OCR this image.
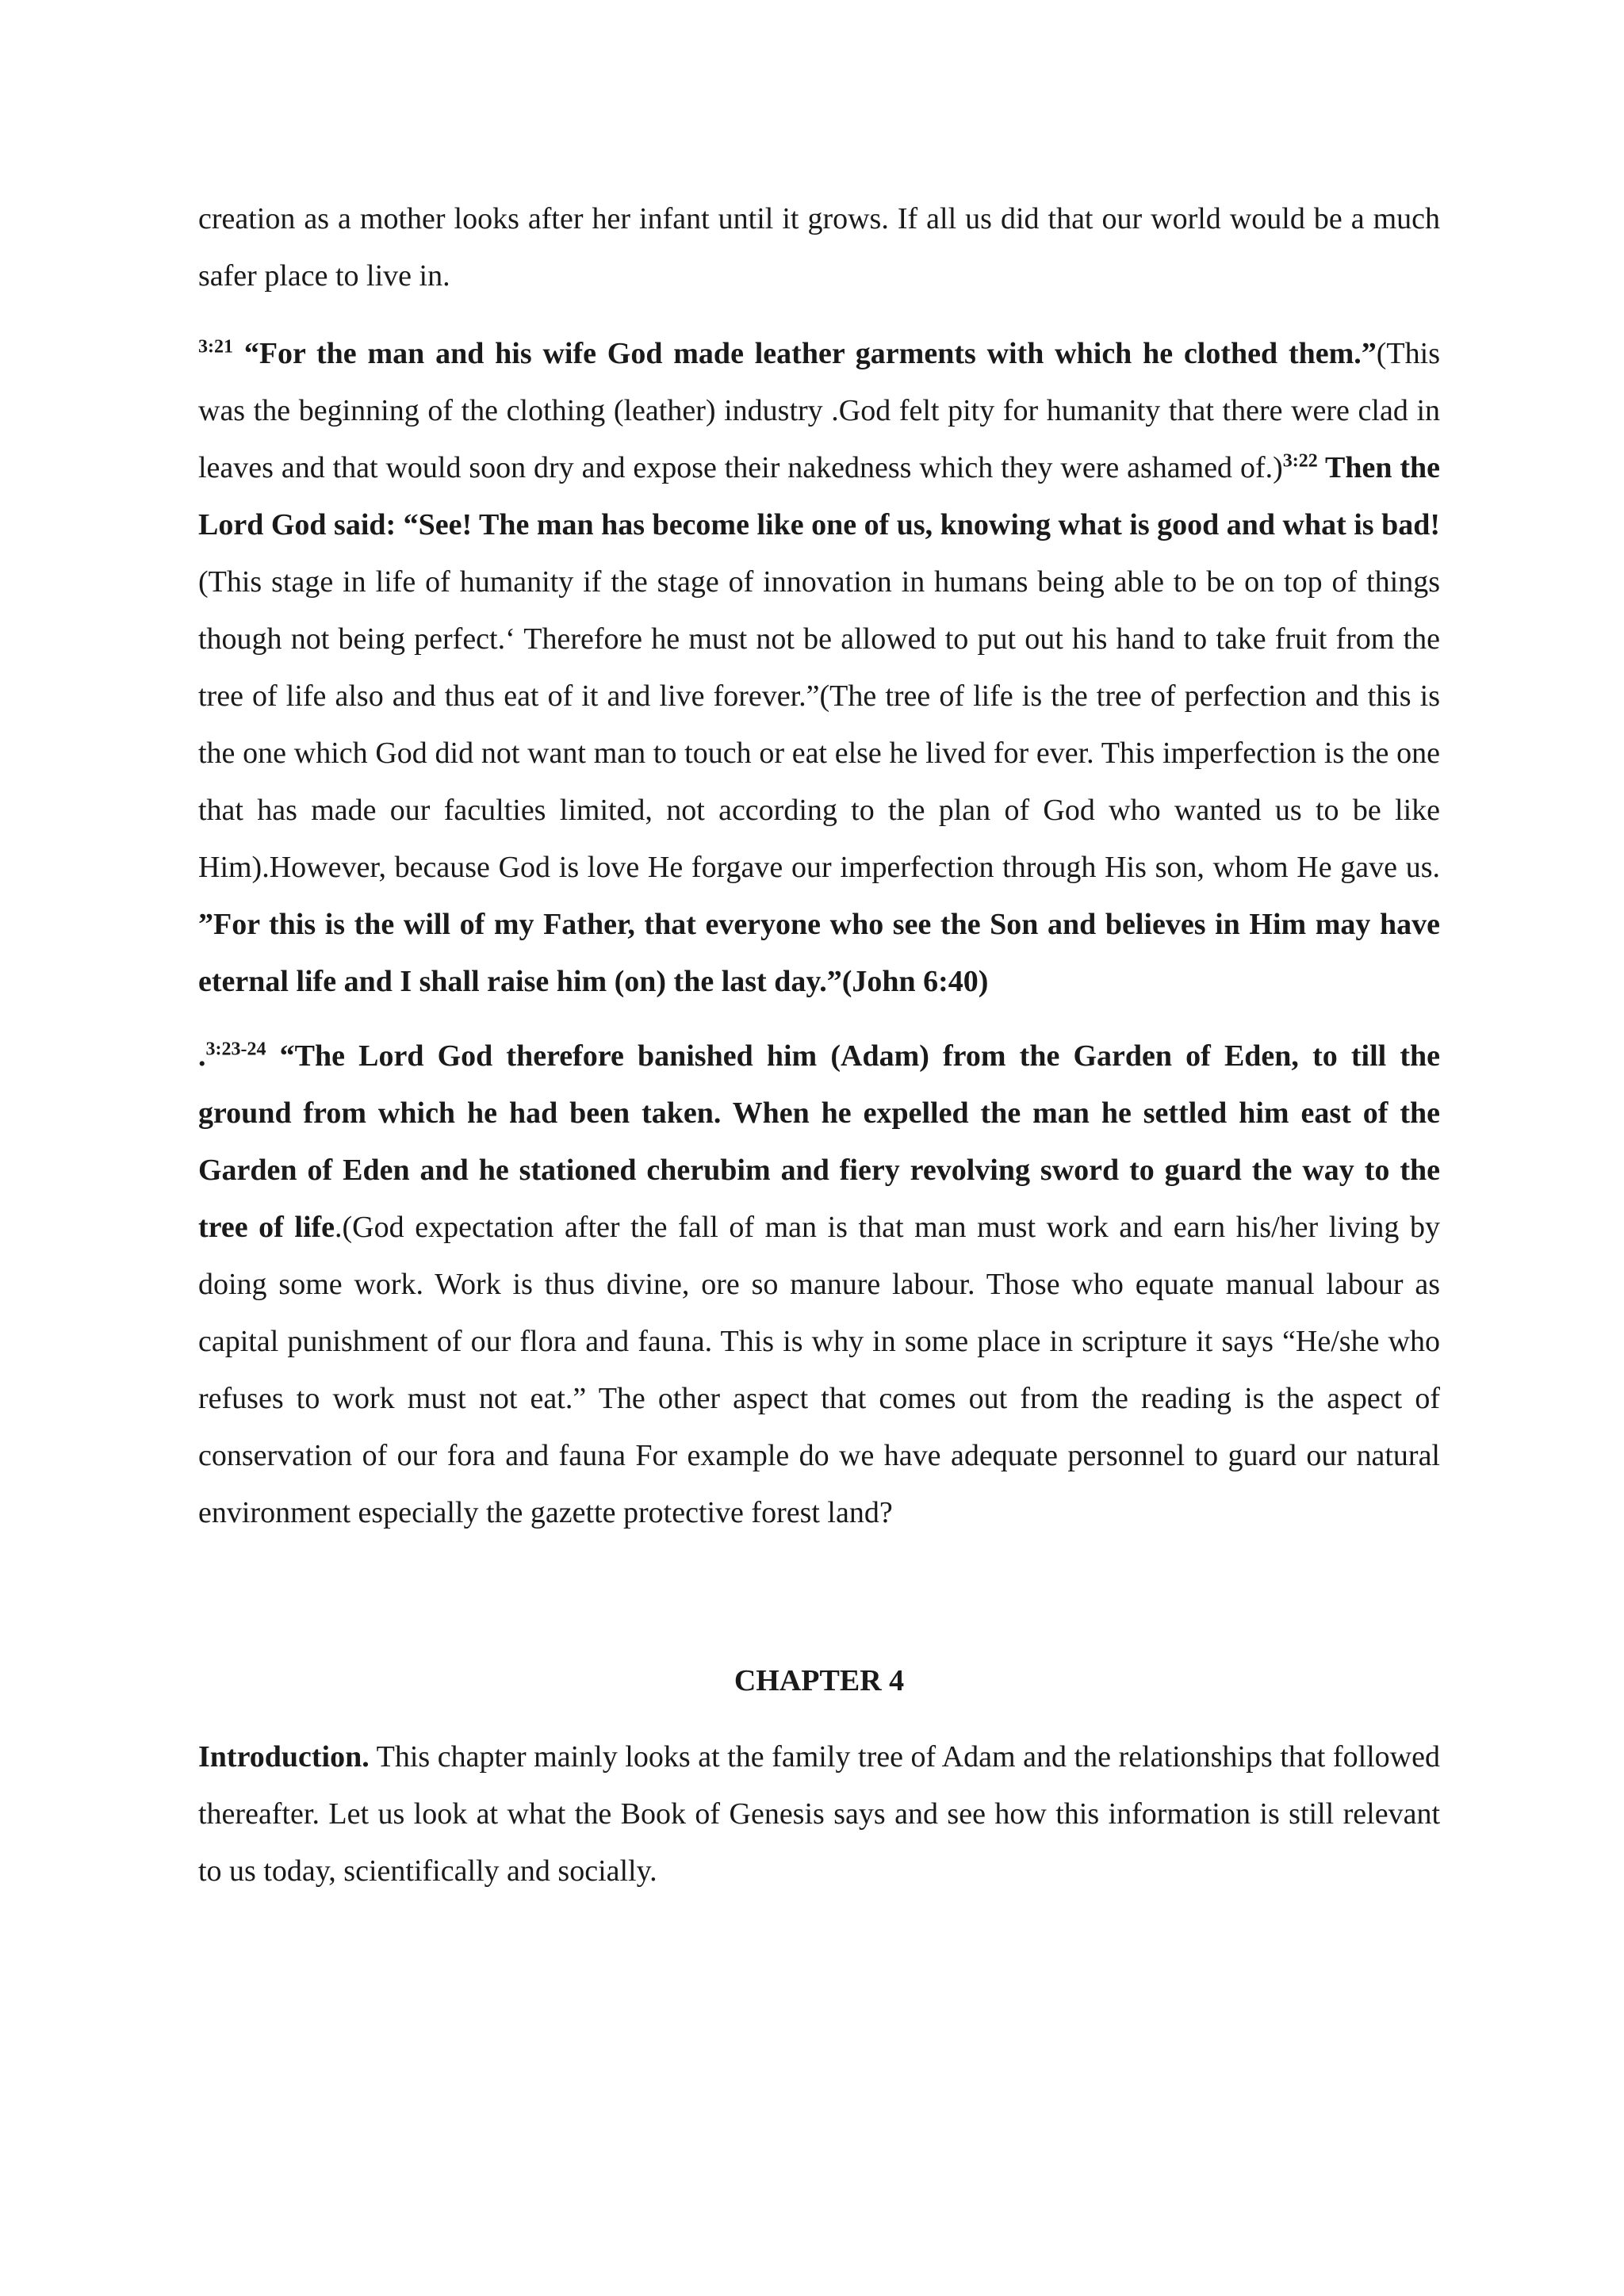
creation as a mother looks after her infant until it grows. If all us did that our world would be a much safer place to live in.

$^{3:21}$ “For the man and his wife God made leather garments with which he clothed them.”(This was the beginning of the clothing (leather) industry .God felt pity for humanity that there were clad in leaves and that would soon dry and expose their nakedness which they were ashamed of.)$^{3:22}$ Then the Lord God said: “See! The man has become like one of us, knowing what is good and what is bad! (This stage in life of humanity if the stage of innovation in humans being able to be on top of things though not being perfect.‘ Therefore he must not be allowed to put out his hand to take fruit from the tree of life also and thus eat of it and live forever.”(The tree of life is the tree of perfection and this is the one which God did not want man to touch or eat else he lived for ever. This imperfection is the one that has made our faculties limited, not according to the plan of God who wanted us to be like Him).However, because God is love He forgave our imperfection through His son, whom He gave us. ”For this is the will of my Father, that everyone who see the Son and believes in Him may have eternal life and I shall raise him (on) the last day.”(John 6:40)

.$^{3:23-24}$ “The Lord God therefore banished him (Adam) from the Garden of Eden, to till the ground from which he had been taken. When he expelled the man he settled him east of the Garden of Eden and he stationed cherubim and fiery revolving sword to guard the way to the tree of life.(God expectation after the fall of man is that man must work and earn his/her living by doing some work. Work is thus divine, ore so manure labour. Those who equate manual labour as capital punishment of our flora and fauna. This is why in some place in scripture it says “He/she who refuses to work must not eat.” The other aspect that comes out from the reading is the aspect of conservation of our fora and fauna For example do we have adequate personnel to guard our natural environment especially the gazette protective forest land?

CHAPTER 4

Introduction. This chapter mainly looks at the family tree of Adam and the relationships that followed thereafter. Let us look at what the Book of Genesis says and see how this information is still relevant to us today, scientifically and socially.
